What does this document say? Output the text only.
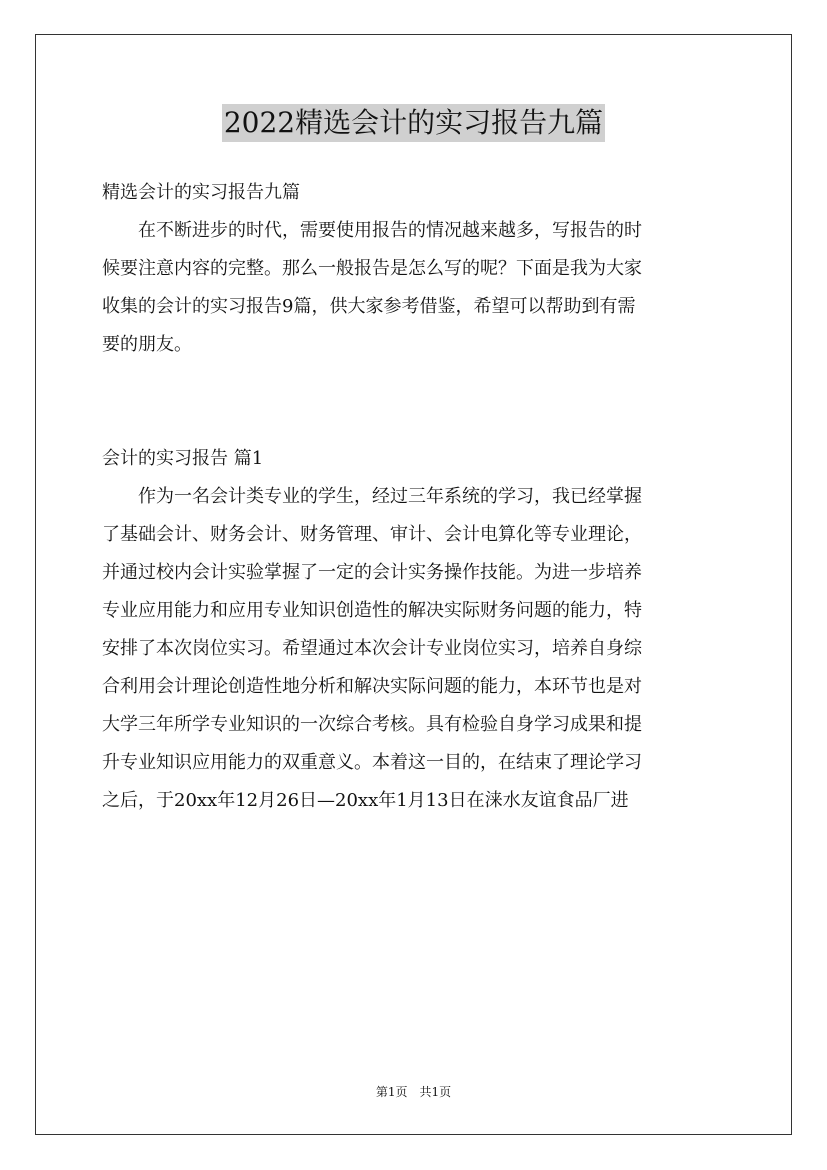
2022精选会计的实习报告九篇
精选会计的实习报告九篇
　　在不断进步的时代，需要使用报告的情况越来越多，写报告的时
候要注意内容的完整。那么一般报告是怎么写的呢？下面是我为大家
收集的会计的实习报告9篇，供大家参考借鉴，希望可以帮助到有需
要的朋友。
会计的实习报告 篇1
　　作为一名会计类专业的学生，经过三年系统的学习，我已经掌握
了基础会计、财务会计、财务管理、审计、会计电算化等专业理论，
并通过校内会计实验掌握了一定的会计实务操作技能。为进一步培养
专业应用能力和应用专业知识创造性的解决实际财务问题的能力，特
安排了本次岗位实习。希望通过本次会计专业岗位实习，培养自身综
合利用会计理论创造性地分析和解决实际问题的能力，本环节也是对
大学三年所学专业知识的一次综合考核。具有检验自身学习成果和提
升专业知识应用能力的双重意义。本着这一目的，在结束了理论学习
之后，于20xx年12月26日—20xx年1月13日在涞水友谊食品厂进
第1页　共1页
